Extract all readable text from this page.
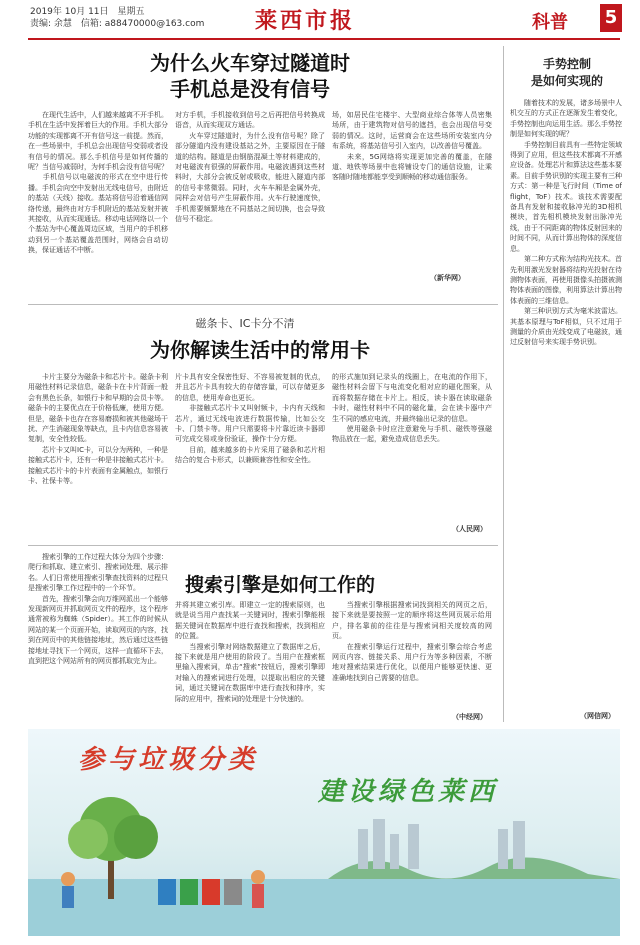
2019年 10月 11日　星期五
责编: 余慧　信箱: a88470000@163.com 莱西市报	科普 5
为什么火车穿过隧道时
手机总是没有信号
　　在现代生活中，人们越来越离不开手机。手机在生活中发挥着巨大的作用。手机大部分功能的实现都离不开有信号这一前提。然而，在一些场景中，手机总会出现信号变弱或者没有信号的情况。那么手机信号是如何传播的呢？当信号减弱时，为何手机会没有信号呢？
　　手机信号以电磁波的形式在空中进行传播。手机会向空中发射出无线电信号，由附近的基站（天线）接收。基站将信号沿着通信网络传递，最终由对方手机附近的基站发射并被其接收，从而实现通话。移动电话网络以一个个基站为中心覆盖周边区域，当用户的手机移动到另一个基站覆盖范围时，网络会自动切换，保证通话不中断。
对方手机，手机接收到信号之后再把信号转换成语音，从而实现双方通话。
　　火车穿过隧道时，为什么没有信号呢？除了部分隧道内没有建设基站之外，主要原因在于隧道的结构。隧道是由钢筋混凝土等材料建成的，对电磁波有很强的屏蔽作用。电磁波遇到这些材料时，大部分会被反射或吸收，能进入隧道内部的信号非常微弱。同时，火车车厢是金属外壳，同样会对信号产生屏蔽作用。火车行驶速度快，手机需要频繁地在不同基站之间切换，也会导致信号不稳定。
场，如居民住宅楼宇、大型商业综合体等人员密集场所，由于建筑物对信号的遮挡，也会出现信号变弱的情况。这时，运营商会在这些场所安装室内分布系统，将基站信号引入室内，以改善信号覆盖。
　　未来，5G网络将实现更加完善的覆盖，在隧道、地铁等场景中也将铺设专门的通信设施，让乘客随时随地都能享受到顺畅的移动通信服务。
（新华网）
磁条卡、IC卡分不清
为你解读生活中的常用卡
　　卡片主要分为磁条卡和芯片卡。磁条卡利用磁性材料记录信息，磁条卡在卡片背面一般会有黑色长条，如银行卡和早期的会员卡等。磁条卡的主要优点在于价格低廉，使用方便。但是，磁条卡也存在容易磨损和被其他磁场干扰、产生消磁现象等缺点，且卡内信息容易被复制，安全性较低。
　　芯片卡又叫IC卡，可以分为两种，一种是接触式芯片卡，还有一种是非接触式芯片卡。接触式芯片卡的卡片表面有金属触点，如银行卡、社保卡等。
片卡具有安全保密性好、不容易被复制的优点，并且芯片卡具有较大的存储容量，可以存储更多的信息，使用寿命也更长。
　　非接触式芯片卡又叫射频卡，卡内有天线和芯片，通过无线电波进行数据传输，比如公交卡、门禁卡等。用户只需要将卡片靠近读卡器即可完成交易或身份验证，操作十分方便。
　　目前，越来越多的卡片采用了磁条和芯片相结合的复合卡形式，以兼顾兼容性和安全性。
的形式施加到记录头的线圈上，在电流的作用下，磁性材料会留下与电流变化相对应的磁化图案，从而将数据存储在卡片上。相反，读卡器在读取磁条卡时，磁性材料中不同的磁化量，会在读卡器中产生不同的感应电流，并最终输出记录的信息。
　　使用磁条卡时应注意避免与手机、磁铁等强磁物品放在一起，避免造成信息丢失。
（人民网）
　　搜索引擎的工作过程大体分为四个步骤：爬行和抓取、建立索引、搜索词处理、展示排名。人们日常使用搜索引擎查找资料的过程只是搜索引擎工作过程中的一个环节。
　　首先，搜索引擎会向万维网派出一个能够发现新网页并抓取网页文件的程序，这个程序通常被称为蜘蛛（Spider）。其工作的时候从网站的某一个页面开始，读取网页的内容，找到在网页中的其他链接地址，然后通过这些链接地址寻找下一个网页，这样一直循环下去，直到把这个网站所有的网页都抓取完为止。
搜索引擎是如何工作的
并将其建立索引库。即建立一定的搜索原则，也就是说当用户查找某一关键词时，搜索引擎能根据关键词在数据库中进行查找和搜索，找到相应的位置。
　　当搜索引擎对网络数据建立了数据库之后，接下来就是用户使用的阶段了。当用户在搜索框里输入搜索词，单击“搜索”按钮后，搜索引擎即对输入的搜索词进行处理，以提取出相应的关键词，通过关键词在数据库中进行查找和排序，实际的应用中，搜索词的处理是十分快速的。
　　当搜索引擎根据搜索词找到相关的网页之后，接下来就是要按照一定的顺序将这些网页展示给用户，排名靠前的往往是与搜索词相关度较高的网页。
　　在搜索引擎运行过程中，搜索引擎会综合考虑网页内容、链接关系、用户行为等多种因素，不断地对搜索结果进行优化，以便用户能够更快速、更准确地找到自己需要的信息。
（中经网）
手势控制
是如何实现的
　　随着技术的发展，诸多场景中人机交互的方式正在逐渐发生着变化，手势控制也向运用生活。那么手势控制是如何实现的呢？
　　手势控制目前具有一些特定领域得到了应用，但这些技术都离不开感应设备。处理芯片和算法这些基本要素。目前手势识别的实现主要有三种方式：第一种是飞行时间（Time of flight，ToF）技术。该技术需要配备具有发射和接收脉冲光的3D相机模块，首先相机模块发射出脉冲光线，由于不同距离的物体反射回来的时间不同，从而计算出物体的深度信息。
　　第二种方式称为结构光技术。首先利用激光发射器将结构光投射在待测物体表面，再使用摄像头拍摄被测物体表面的图像，利用算法计算出物体表面的三维信息。
　　第三种识别方式为毫米波雷达。其基本原理与ToF相似，只不过用于测量的介质由光线变成了电磁波，通过反射信号来实现手势识别。
（网信网）
参与垃圾分类
建设绿色莱西
